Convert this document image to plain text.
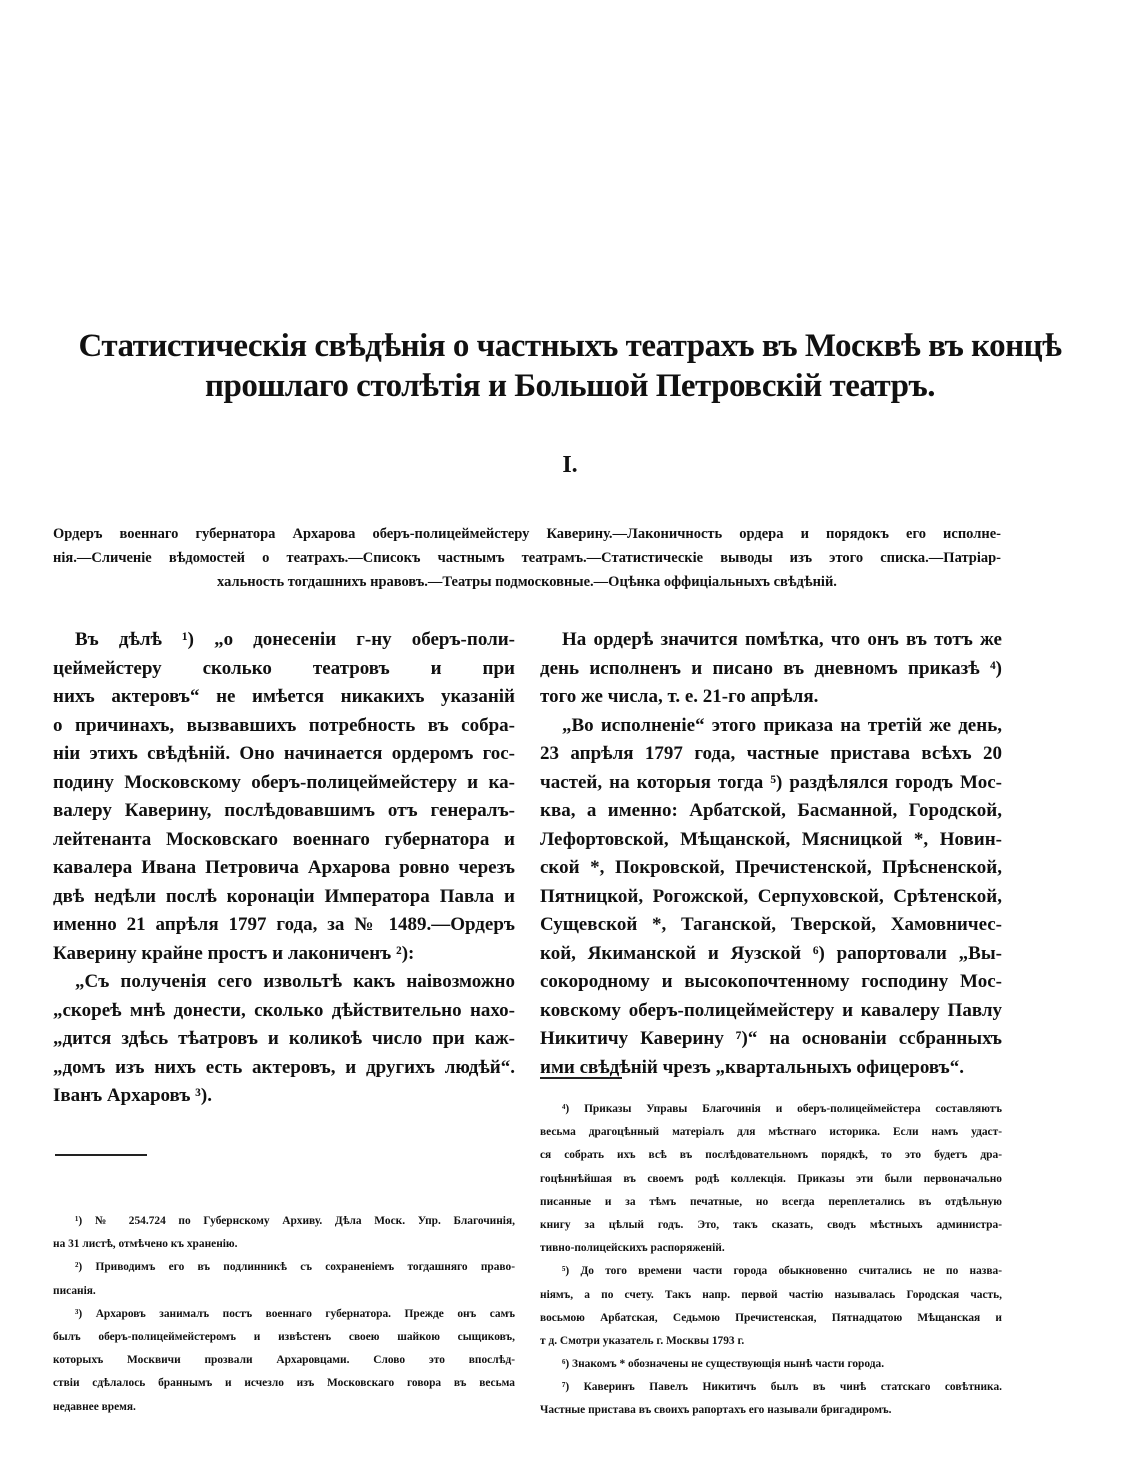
Статистическія свѣдѣнія о частныхъ театрахъ въ Москвѣ въ концѣ
прошлаго столѣтія и Большой Петровскій театръ.
I.
Ордеръ военнаго губернатора Архарова оберъ-полицеймейстеру Каверину.—Лаконичность ордера и порядокъ его исполне-
нія.—Сличеніе вѣдомостей о театрахъ.—Списокъ частнымъ театрамъ.—Статистическіе выводы изъ этого списка.—Патріар-
хальность тогдашнихъ нравовъ.—Театры подмосковные.—Оцѣнка оффиціальныхъ свѣдѣній.
Въ дѣлѣ ¹) „о донесеніи г-ну оберъ-поли-
цеймейстеру сколько театровъ и при
нихъ актеровъ“ не имѣется никакихъ указаній
о причинахъ, вызвавшихъ потребность въ собра-
ніи этихъ свѣдѣній. Оно начинается ордеромъ гос-
подину Московскому оберъ-полицеймейстеру и ка-
валеру Каверину, послѣдовавшимъ отъ генералъ-
лейтенанта Московскаго военнаго губернатора и
кавалера Ивана Петровича Архарова ровно черезъ
двѣ недѣли послѣ коронаціи Императора Павла и
именно 21 апрѣля 1797 года, за № 1489.—Ордеръ
Каверину крайне простъ и лакониченъ ²):
„Съ полученія сего извольтѣ какъ наівозможно
„скорeѣ мнѣ донести, сколько дѣйствительно нахо-
„дится здѣсь тѣатровъ и коликоѣ число при каж-
„домъ изъ нихъ есть актеровъ, и другихъ людѣй“.
Іванъ Архаровъ ³).
На ордерѣ значится помѣтка, что онъ въ тотъ же
день исполненъ и писано въ дневномъ приказѣ ⁴)
того же числа, т. е. 21-го апрѣля.
„Во исполненіе“ этого приказа на третій же день,
23 апрѣля 1797 года, частные пристава всѣхъ 20
частей, на которыя тогда ⁵) раздѣлялся городъ Мос-
ква, а именно: Арбатской, Басманной, Городской,
Лефортовской, Мѣщанской, Мясницкой *, Новин-
ской *, Покровской, Пречистенской, Прѣсненской,
Пятницкой, Рогожской, Серпуховской, Срѣтенской,
Сущевской *, Таганской, Тверской, Хамовничес-
кой, Якиманской и Яузской ⁶) рапортовали „Вы-
сокородному и высокопочтенному господину Мос-
ковскому оберъ-полицеймейстеру и кавалеру Павлу
Никитичу Каверину ⁷)“ на основаніи ссбранныхъ
ими свѣдѣній чрезъ „квартальныхъ офицеровъ“.
¹) № 254.724 по Губернскому Архиву. Дѣла Моск. Упр. Благочинія,
на 31 листѣ, отмѣчено къ храненію.
²) Приводимъ его въ подлинникѣ съ сохраненіемъ тогдашняго право-
писанія.
³) Архаровъ занималъ постъ военнаго губернатора. Прежде онъ самъ
былъ оберъ-полицеймейстеромъ и извѣстенъ своею шайкою сыщиковъ,
которыхъ Москвичи прозвали Архаровцами. Слово это впослѣд-
ствіи сдѣлалось браннымъ и исчезло изъ Московскаго говора въ весьма
недавнее время.
⁴) Приказы Управы Благочинія и оберъ-полицеймейстера составляютъ
весьма драгоцѣнный матеріалъ для мѣстнаго историка. Если намъ удаст-
ся собрать ихъ всѣ въ послѣдовательномъ порядкѣ, то это будетъ дра-
гоцѣннѣйшая въ своемъ родѣ коллекція. Приказы эти были первоначально
писанные и за тѣмъ печатные, но всегда переплетались въ отдѣльную
книгу за цѣлый годъ. Это, такъ сказать, сводъ мѣстныхъ администра-
тивно-полицейскихъ распоряженій.
⁵) До того времени части города обыкновенно считались не по назва-
ніямъ, а по счету. Такъ напр. первой частію называлась Городская часть,
восьмою Арбатская, Седьмою Пречистенская, Пятнадцатою Мѣщанская и
т д. Смотри указатель г. Москвы 1793 г.
⁶) Знакомъ * обозначены не существующія нынѣ части города.
⁷) Каверинъ Павелъ Никитичъ былъ въ чинѣ статскаго совѣтника.
Частные пристава въ своихъ рапортахъ его называли бригадиромъ.
